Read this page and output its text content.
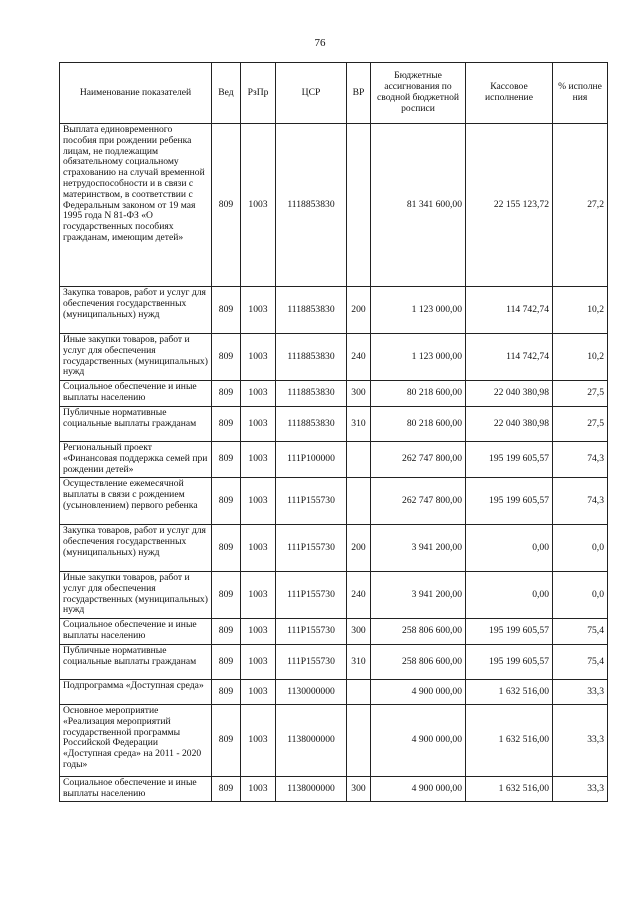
76
Наименование показателей	Вед	РзПр	ЦСР	ВР	Бюджетные ассигнования по сводной бюджетной росписи	Кассовое исполнение	% исполне ния
Выплата единовременного пособия при рождении ребенка лицам, не подлежащим обязательному социальному страхованию на случай временной нетрудоспособности и в связи с материнством, в соответствии с Федеральным законом от 19 мая 1995 года N 81-ФЗ «О государственных пособиях гражданам, имеющим детей»	809	1003	1118853830		81 341 600,00	22 155 123,72	27,2
Закупка товаров, работ и услуг для обеспечения государственных (муниципальных) нужд	809	1003	1118853830	200	1 123 000,00	114 742,74	10,2
Иные закупки товаров, работ и услуг для обеспечения государственных (муниципальных) нужд	809	1003	1118853830	240	1 123 000,00	114 742,74	10,2
Социальное обеспечение и иные выплаты населению	809	1003	1118853830	300	80 218 600,00	22 040 380,98	27,5
Публичные нормативные социальные выплаты гражданам	809	1003	1118853830	310	80 218 600,00	22 040 380,98	27,5
Региональный проект «Финансовая поддержка семей при рождении детей»	809	1003	111P100000		262 747 800,00	195 199 605,57	74,3
Осуществление ежемесячной выплаты в связи с рождением (усыновлением) первого ребенка	809	1003	111P155730		262 747 800,00	195 199 605,57	74,3
Закупка товаров, работ и услуг для обеспечения государственных (муниципальных) нужд	809	1003	111P155730	200	3 941 200,00	0,00	0,0
Иные закупки товаров, работ и услуг для обеспечения государственных (муниципальных) нужд	809	1003	111P155730	240	3 941 200,00	0,00	0,0
Социальное обеспечение и иные выплаты населению	809	1003	111P155730	300	258 806 600,00	195 199 605,57	75,4
Публичные нормативные социальные выплаты гражданам	809	1003	111P155730	310	258 806 600,00	195 199 605,57	75,4
Подпрограмма «Доступная среда»	809	1003	1130000000		4 900 000,00	1 632 516,00	33,3
Основное мероприятие «Реализация мероприятий государственной программы Российской Федерации «Доступная среда» на 2011 - 2020 годы»	809	1003	1138000000		4 900 000,00	1 632 516,00	33,3
Социальное обеспечение и иные выплаты населению	809	1003	1138000000	300	4 900 000,00	1 632 516,00	33,3
